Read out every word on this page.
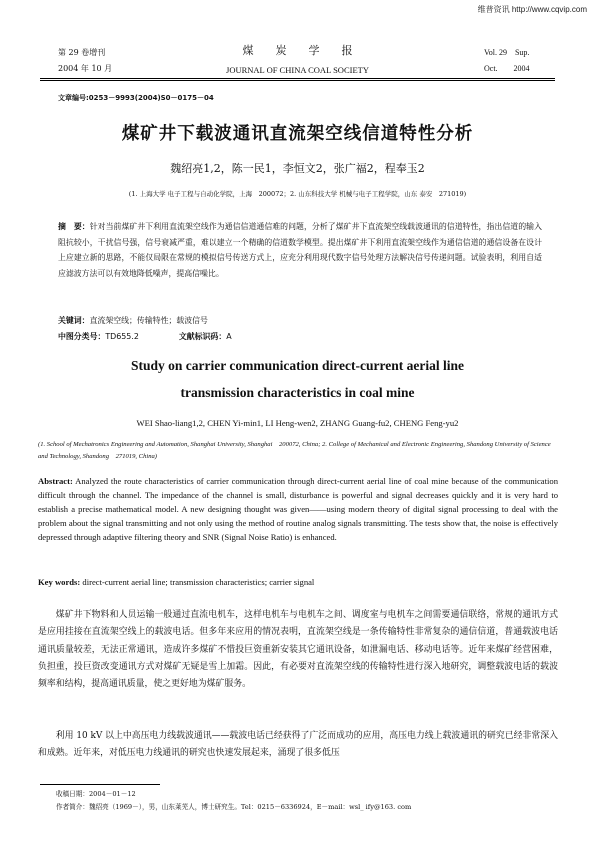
维普资讯 http://www.cqvip.com
第 29 卷增刊
2004 年 10 月
煤　　炭　　学　　报
JOURNAL OF CHINA COAL SOCIETY
Vol. 29　Sup.
Oct.　　2004
文章编号:0253－9993(2004)S0－0175－04
煤矿井下载波通讯直流架空线信道特性分析
魏绍亮1,2，陈一民1，李恒文2，张广福2，程奉玉2
(1. 上海大学 电子工程与自动化学院，上海　200072；2. 山东科技大学 机械与电子工程学院，山东 泰安　271019)
摘　要：针对当前煤矿井下利用直流架空线作为通信信道通信难的问题，分析了煤矿井下直流架空线载波通讯的信道特性，指出信道的输入阻抗较小，干扰信号强，信号衰减严重，难以建立一个精确的信道数学模型。提出煤矿井下利用直流架空线作为通信信道的通信设备在设计上应建立新的思路，不能仅局限在常规的模拟信号传送方式上，应充分利用现代数字信号处理方法解决信号传递问题。试验表明，利用自适应滤波方法可以有效地降低噪声，提高信噪比。
关键词：直流架空线；传输特性；载波信号
中图分类号：TD655.2	文献标识码：A
Study on carrier communication direct-current aerial line
transmission characteristics in coal mine
WEI Shao-liang1,2, CHEN Yi-min1, LI Heng-wen2, ZHANG Guang-fu2, CHENG Feng-yu2
(1. School of Mechatronics Engineering and Automation, Shanghai University, Shanghai　200072, China; 2. College of Mechanical and Electronic Engineering, Shandong University of Science and Technology, Shandong　271019, China)
Abstract: Analyzed the route characteristics of carrier communication through direct-current aerial line of coal mine because of the communication difficult through the channel. The impedance of the channel is small, disturbance is powerful and signal decreases quickly and it is very hard to establish a precise mathematical model. A new designing thought was given——using modern theory of digital signal processing to deal with the problem about the signal transmitting and not only using the method of routine analog signals transmitting. The tests show that, the noise is effectively depressed through adaptive filtering theory and SNR (Signal Noise Ratio) is enhanced.
Key words: direct-current aerial line; transmission characteristics; carrier signal
煤矿井下物料和人员运输一般通过直流电机车，这样电机车与电机车之间、调度室与电机车之间需要通信联络，常规的通讯方式是应用挂接在直流架空线上的载波电话。但多年来应用的情况表明，直流架空线是一条传输特性非常复杂的通信信道，普通载波电话通讯质量较差，无法正常通讯，造成许多煤矿不惜投巨资重新安装其它通讯设备，如泄漏电话、移动电话等。近年来煤矿经营困难，负担重，投巨资改变通讯方式对煤矿无疑是雪上加霜。因此，有必要对直流架空线的传输特性进行深入地研究，调整载波电话的载波频率和结构，提高通讯质量，使之更好地为煤矿服务。
利用 10 kV 以上中高压电力线载波通讯——载波电话已经获得了广泛而成功的应用，高压电力线上载波通讯的研究已经非常深入和成熟。近年来，对低压电力线通讯的研究也快速发展起来，涌现了很多低压
收稿日期：2004－01－12
作者简介：魏绍亮（1969－），男，山东莱芜人，博士研究生。Tel：0215－6336924，E－mail：wsl_ ify@163. com
